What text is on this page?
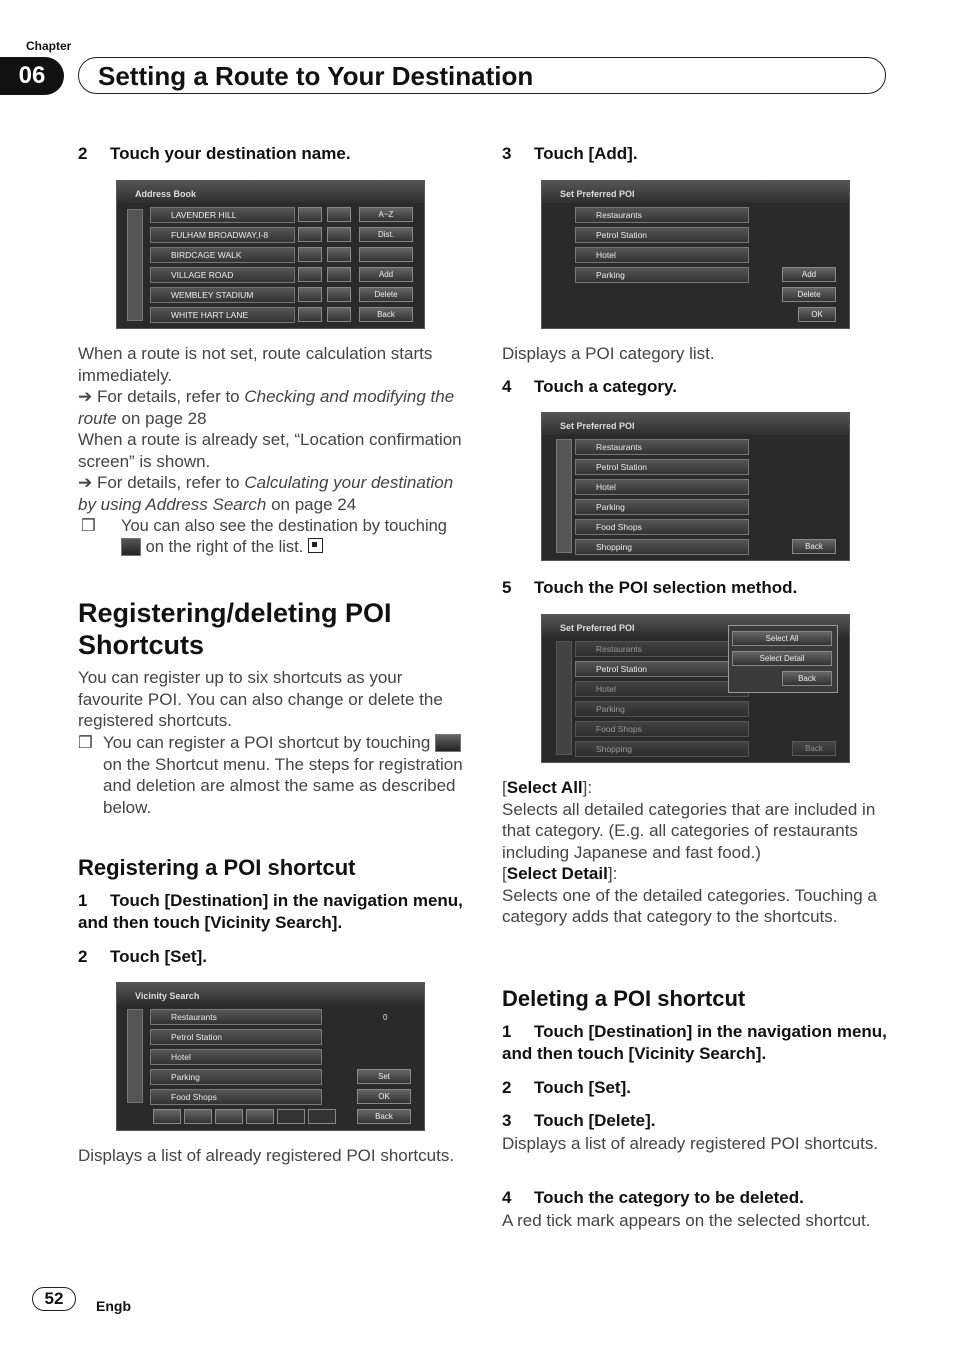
Chapter
06	Setting a Route to Your Destination
2 Touch your destination name.
Address Book
LAVENDER HILL
FULHAM BROADWAY,I-8
BIRDCAGE WALK
VILLAGE ROAD
WEMBLEY STADIUM
WHITE HART LANE
A~Z
Dist.
Add
Delete
Back
When a route is not set, route calculation starts immediately.
➔ For details, refer to Checking and modifying the route on page 28
When a route is already set, “Location confirmation screen” is shown.
➔ For details, refer to Calculating your destination by using Address Search on page 24
❒	You can also see the destination by touching  on the right of the list.
Registering/deleting POI Shortcuts
You can register up to six shortcuts as your favourite POI. You can also change or delete the registered shortcuts.
❒ You can register a POI shortcut by touching  on the Shortcut menu. The steps for registration and deletion are almost the same as described below.
Registering a POI shortcut
1 Touch [Destination] in the navigation menu, and then touch [Vicinity Search].
2 Touch [Set].
Vicinity Search
Restaurants
Petrol Station
Hotel
Parking
Food Shops
0
Set
OK
Back
Displays a list of already registered POI shortcuts.
3 Touch [Add].
Set Preferred POI
Restaurants
Petrol Station
Hotel
Parking	Add
Delete
OK
Displays a POI category list.
4 Touch a category.
Set Preferred POI
Restaurants
Petrol Station
Hotel
Parking
Food Shops
Shopping	Back
5 Touch the POI selection method.
Set Preferred POI
Restaurants
Petrol Station
Hotel
Parking
Food Shops
Shopping
Select All
Select Detail
Back
Back
[Select All]:
Selects all detailed categories that are included in that category. (E.g. all categories of restaurants including Japanese and fast food.)
[Select Detail]:
Selects one of the detailed categories. Touching a category adds that category to the shortcuts.
Deleting a POI shortcut
1 Touch [Destination] in the navigation menu, and then touch [Vicinity Search].
2 Touch [Set].
3 Touch [Delete].
Displays a list of already registered POI shortcuts.
4 Touch the category to be deleted.
A red tick mark appears on the selected shortcut.
52	Engb
